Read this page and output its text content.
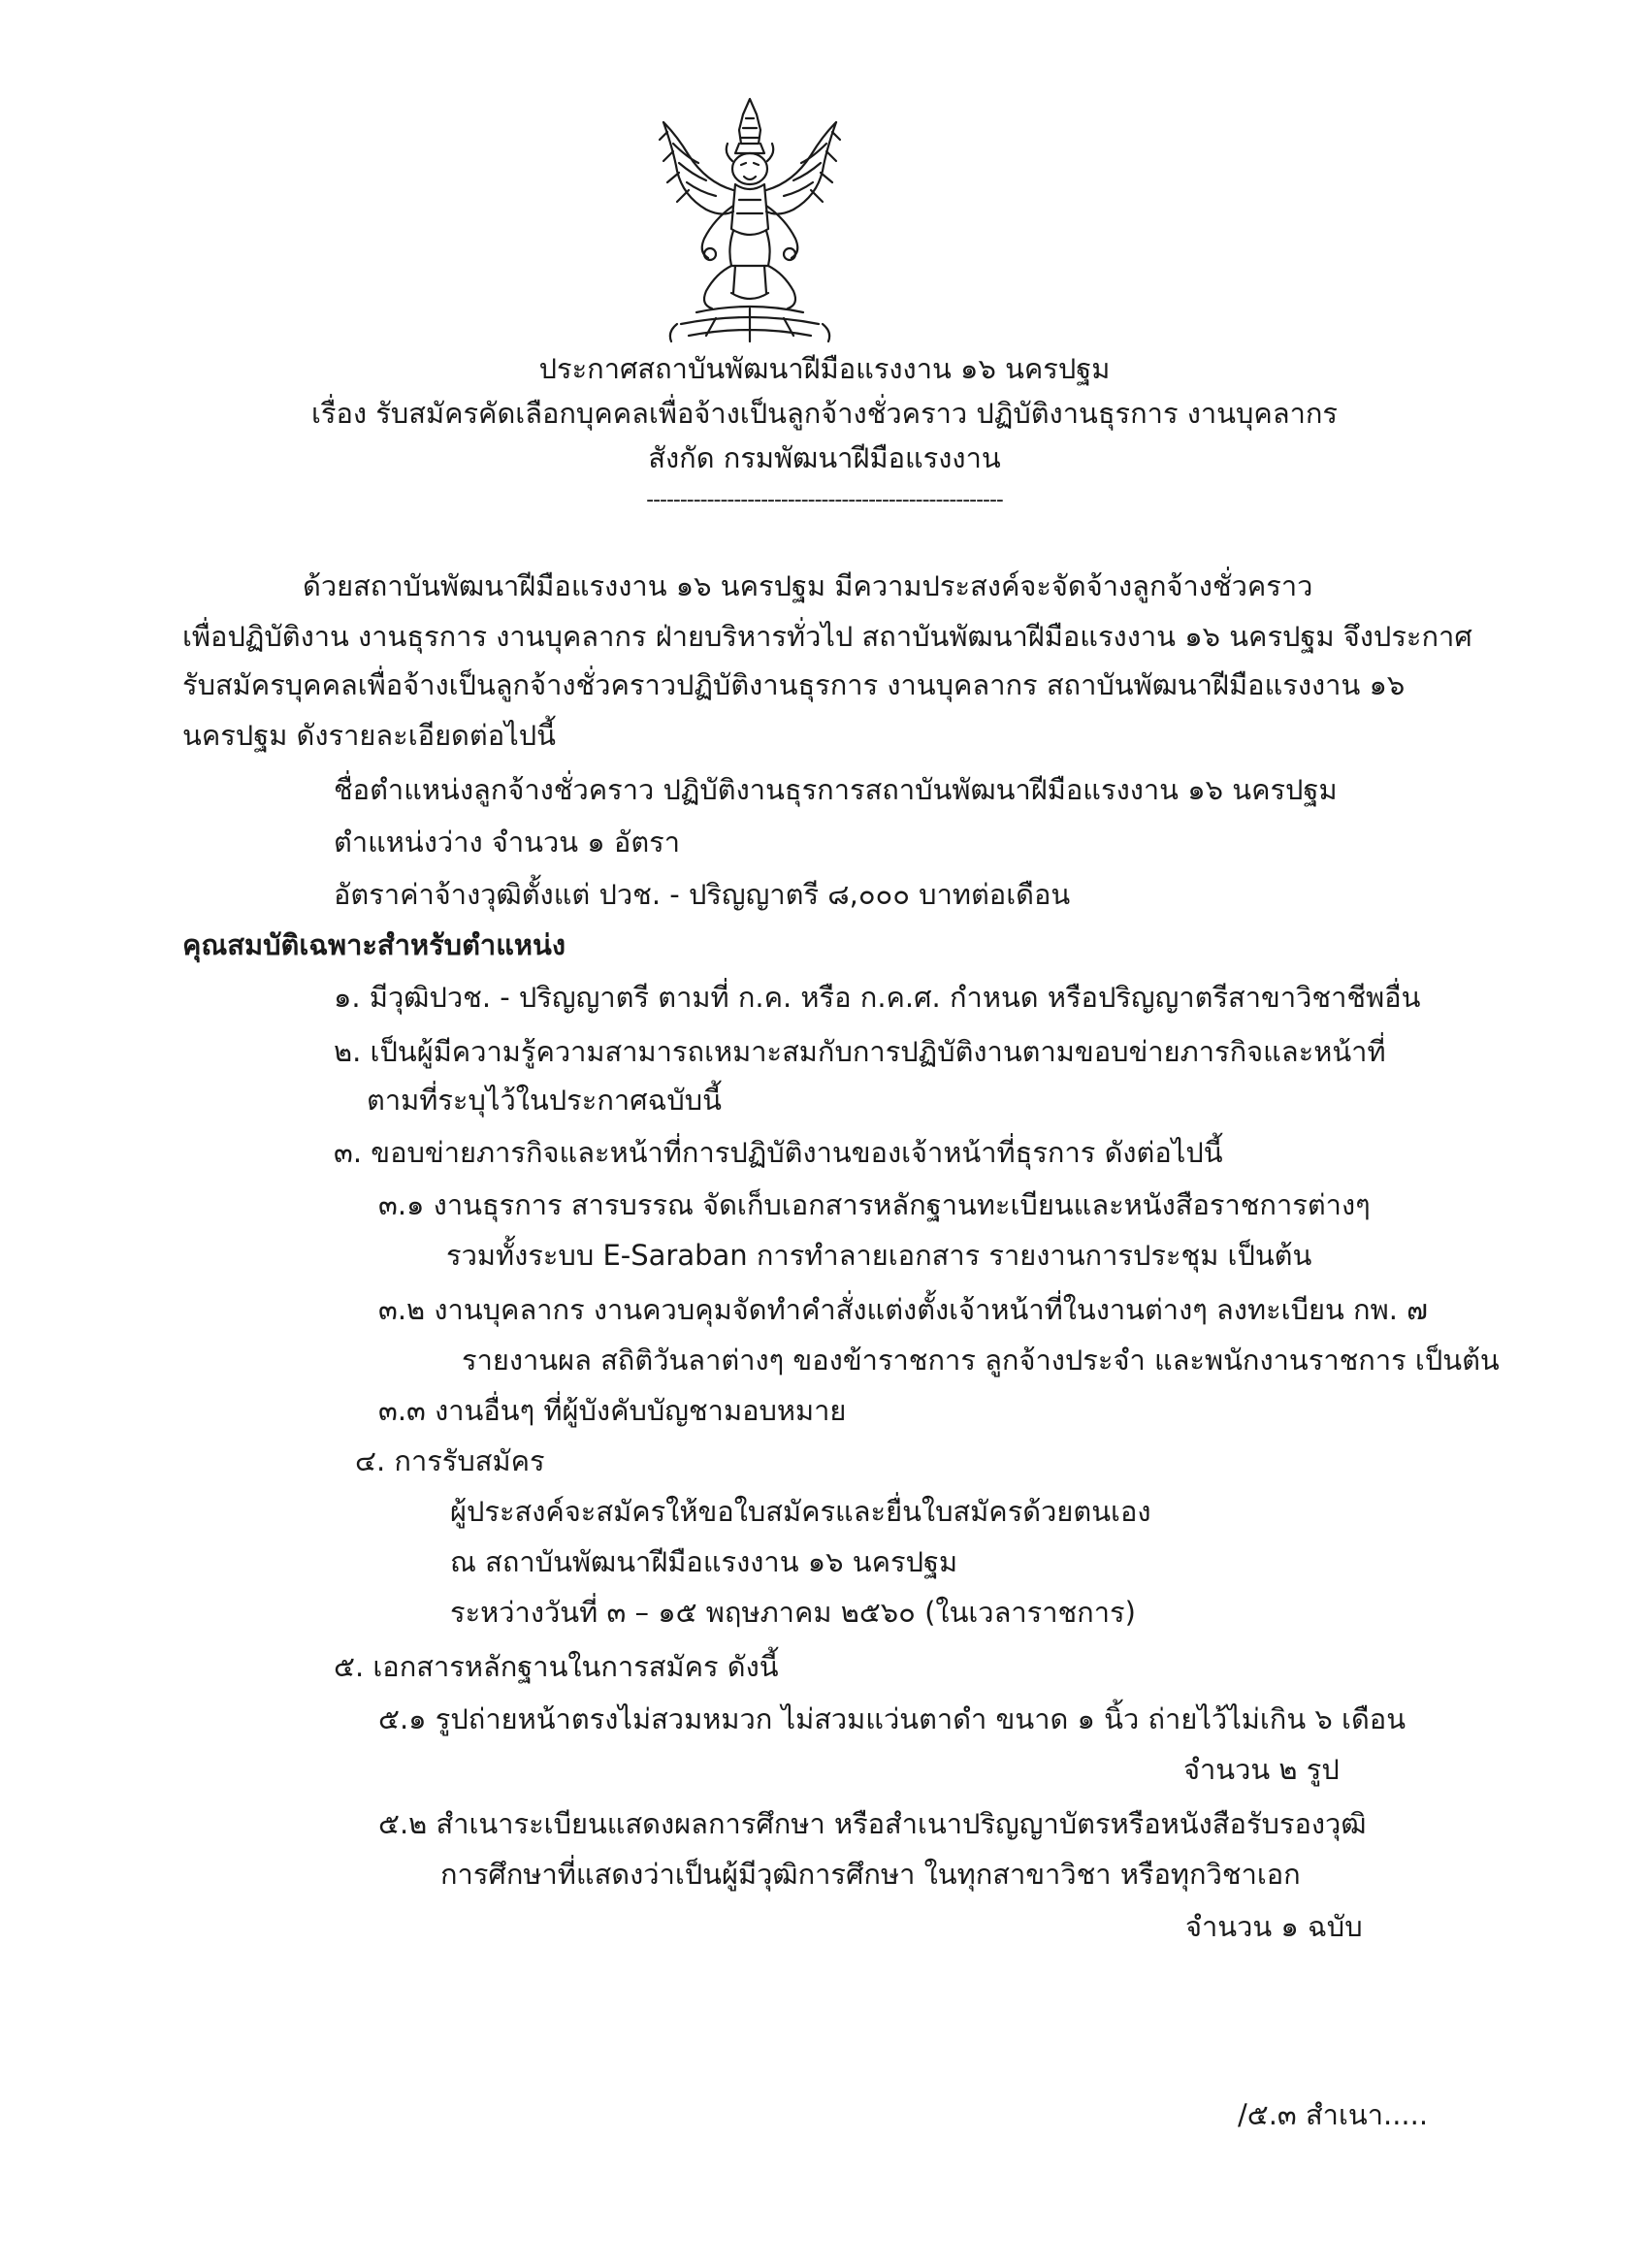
ประกาศสถาบันพัฒนาฝีมือแรงงาน ๑๖ นครปฐม
เรื่อง รับสมัครคัดเลือกบุคคลเพื่อจ้างเป็นลูกจ้างชั่วคราว ปฏิบัติงานธุรการ งานบุคลากร
สังกัด กรมพัฒนาฝีมือแรงงาน
-----------------------------------------------------
ด้วยสถาบันพัฒนาฝีมือแรงงาน ๑๖ นครปฐม มีความประสงค์จะจัดจ้างลูกจ้างชั่วคราว
เพื่อปฏิบัติงาน งานธุรการ งานบุคลากร ฝ่ายบริหารทั่วไป สถาบันพัฒนาฝีมือแรงงาน ๑๖ นครปฐม จึงประกาศ
รับสมัครบุคคลเพื่อจ้างเป็นลูกจ้างชั่วคราวปฏิบัติงานธุรการ งานบุคลากร สถาบันพัฒนาฝีมือแรงงาน ๑๖
นครปฐม ดังรายละเอียดต่อไปนี้
ชื่อตำแหน่งลูกจ้างชั่วคราว ปฏิบัติงานธุรการสถาบันพัฒนาฝีมือแรงงาน ๑๖ นครปฐม
ตำแหน่งว่าง จำนวน ๑ อัตรา
อัตราค่าจ้างวุฒิตั้งแต่ ปวช. - ปริญญาตรี ๘,๐๐๐ บาทต่อเดือน
คุณสมบัติเฉพาะสำหรับตำแหน่ง
๑. มีวุฒิปวช. - ปริญญาตรี ตามที่ ก.ค. หรือ ก.ค.ศ. กำหนด หรือปริญญาตรีสาขาวิชาชีพอื่น
๒. เป็นผู้มีความรู้ความสามารถเหมาะสมกับการปฏิบัติงานตามขอบข่ายภารกิจและหน้าที่
ตามที่ระบุไว้ในประกาศฉบับนี้
๓. ขอบข่ายภารกิจและหน้าที่การปฏิบัติงานของเจ้าหน้าที่ธุรการ ดังต่อไปนี้
๓.๑ งานธุรการ สารบรรณ จัดเก็บเอกสารหลักฐานทะเบียนและหนังสือราชการต่างๆ
รวมทั้งระบบ E-Saraban การทำลายเอกสาร รายงานการประชุม เป็นต้น
๓.๒ งานบุคลากร งานควบคุมจัดทำคำสั่งแต่งตั้งเจ้าหน้าที่ในงานต่างๆ ลงทะเบียน กพ. ๗
รายงานผล สถิติวันลาต่างๆ ของข้าราชการ ลูกจ้างประจำ และพนักงานราชการ เป็นต้น
๓.๓ งานอื่นๆ ที่ผู้บังคับบัญชามอบหมาย
๔. การรับสมัคร
ผู้ประสงค์จะสมัครให้ขอใบสมัครและยื่นใบสมัครด้วยตนเอง
ณ สถาบันพัฒนาฝีมือแรงงาน ๑๖ นครปฐม
ระหว่างวันที่ ๓ – ๑๕ พฤษภาคม ๒๕๖๐ (ในเวลาราชการ)
๕. เอกสารหลักฐานในการสมัคร ดังนี้
๕.๑ รูปถ่ายหน้าตรงไม่สวมหมวก ไม่สวมแว่นตาดำ ขนาด ๑ นิ้ว ถ่ายไว้ไม่เกิน ๖ เดือน
จำนวน ๒ รูป
๕.๒ สำเนาระเบียนแสดงผลการศึกษา หรือสำเนาปริญญาบัตรหรือหนังสือรับรองวุฒิ
การศึกษาที่แสดงว่าเป็นผู้มีวุฒิการศึกษา ในทุกสาขาวิชา หรือทุกวิชาเอก
จำนวน ๑ ฉบับ
/๕.๓ สำเนา.....
